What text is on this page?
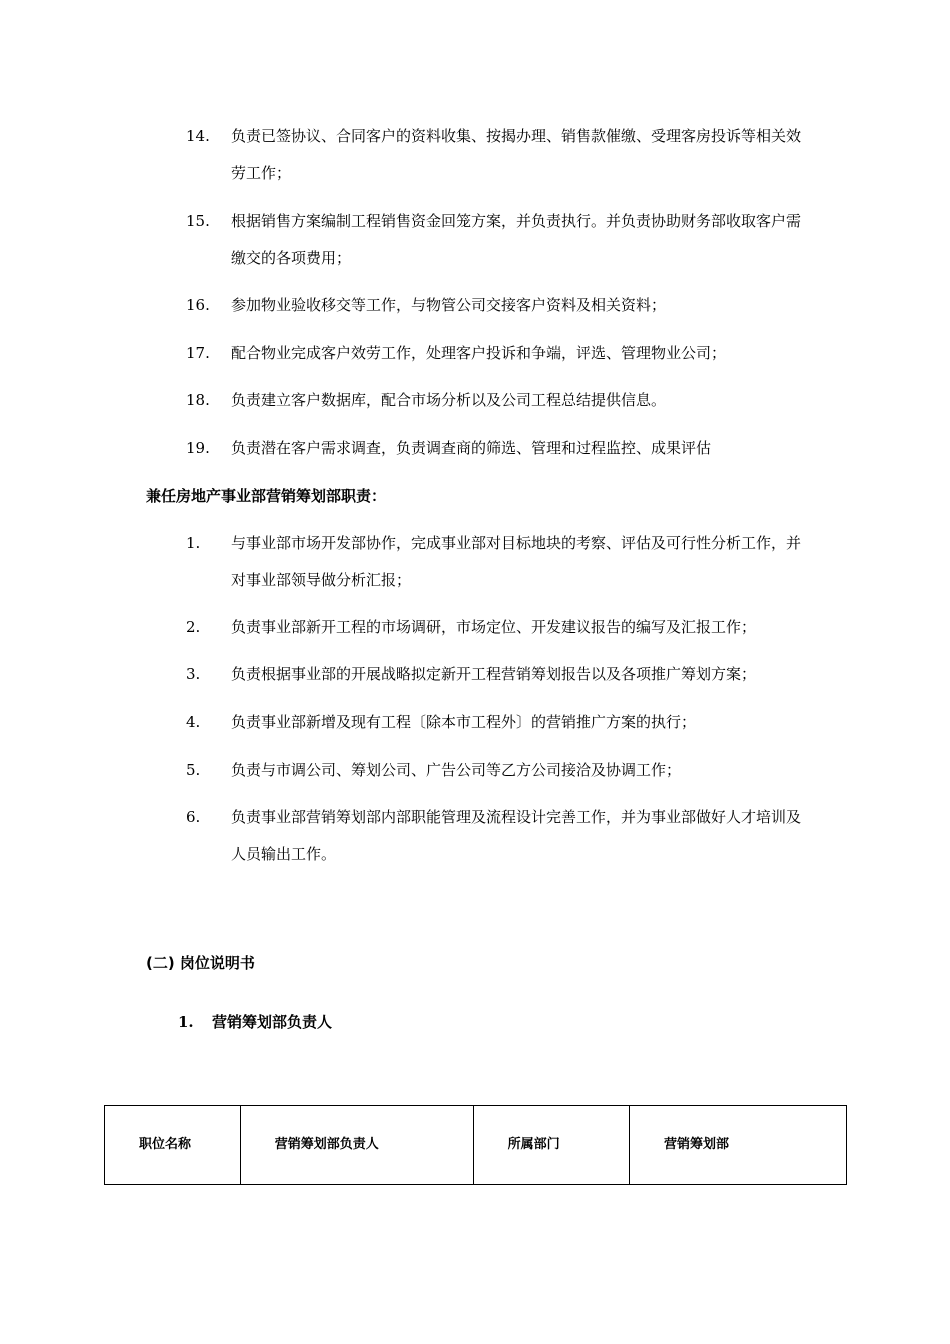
14.	负责已签协议、合同客户的资料收集、按揭办理、销售款催缴、受理客房投诉等相关效劳工作；
15.	根据销售方案编制工程销售资金回笼方案，并负责执行。并负责协助财务部收取客户需缴交的各项费用；
16.	参加物业验收移交等工作，与物管公司交接客户资料及相关资料；
17.	配合物业完成客户效劳工作，处理客户投诉和争端，评选、管理物业公司；
18.	负责建立客户数据库，配合市场分析以及公司工程总结提供信息。
19.	负责潜在客户需求调查，负责调查商的筛选、管理和过程监控、成果评估
兼任房地产事业部营销筹划部职责：
1.	与事业部市场开发部协作，完成事业部对目标地块的考察、评估及可行性分析工作，并对事业部领导做分析汇报；
2.	负责事业部新开工程的市场调研，市场定位、开发建议报告的编写及汇报工作；
3.	负责根据事业部的开展战略拟定新开工程营销筹划报告以及各项推广筹划方案；
4.	负责事业部新增及现有工程〔除本市工程外〕的营销推广方案的执行；
5.	负责与市调公司、筹划公司、广告公司等乙方公司接洽及协调工作；
6.	负责事业部营销筹划部内部职能管理及流程设计完善工作，并为事业部做好人才培训及人员输出工作。
(二) 岗位说明书
1. 营销筹划部负责人
职位名称	营销筹划部负责人	所属部门	营销筹划部
